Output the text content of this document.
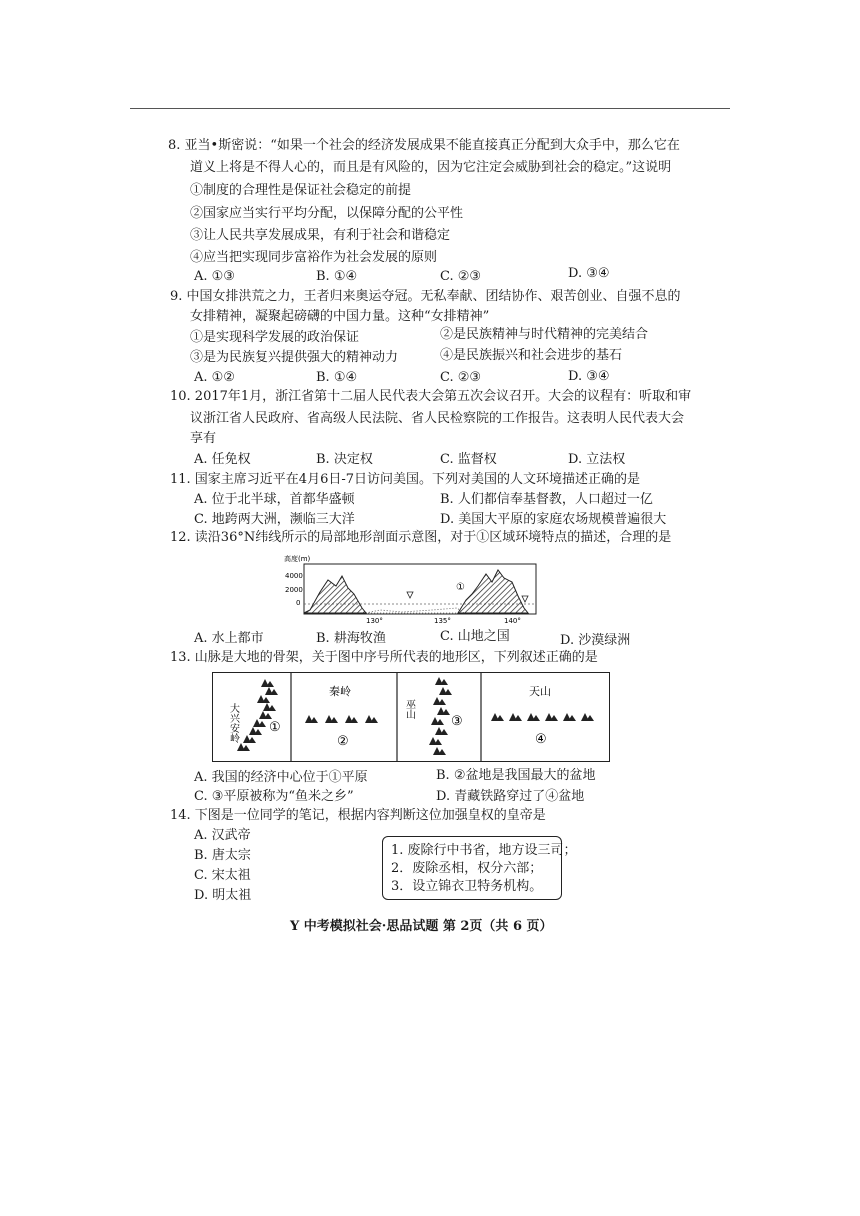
8. 亚当•斯密说：“如果一个社会的经济发展成果不能直接真正分配到大众手中，那么它在
道义上将是不得人心的，而且是有风险的，因为它注定会威胁到社会的稳定。”这说明
①制度的合理性是保证社会稳定的前提
②国家应当实行平均分配，以保障分配的公平性
③让人民共享发展成果，有利于社会和谐稳定
④应当把实现同步富裕作为社会发展的原则
A. ①③	B. ①④	C. ②③	D. ③④
9. 中国女排洪荒之力，王者归来奥运夺冠。无私奉献、团结协作、艰苦创业、自强不息的
女排精神，凝聚起磅礴的中国力量。这种“女排精神”
①是实现科学发展的政治保证	②是民族精神与时代精神的完美结合
③是为民族复兴提供强大的精神动力	④是民族振兴和社会进步的基石
A. ①②	B. ①④	C. ②③	D. ③④
10. 2017年1月，浙江省第十二届人民代表大会第五次会议召开。大会的议程有：听取和审
议浙江省人民政府、省高级人民法院、省人民检察院的工作报告。这表明人民代表大会
享有
A. 任免权	B. 决定权	C. 监督权	D. 立法权
11. 国家主席习近平在4月6日-7日访问美国。下列对美国的人文环境描述正确的是
A. 位于北半球，首都华盛顿	B. 人们都信奉基督教，人口超过一亿
C. 地跨两大洲，濒临三大洋	D. 美国大平原的家庭农场规模普遍很大
12. 读沿36°N纬线所示的局部地形剖面示意图，对于①区域环境特点的描述，合理的是
高度(m)
4000
2000
0
①
130°	135°	140°
A. 水上都市	B. 耕海牧渔	C. 山地之国	D. 沙漠绿洲
13. 山脉是大地的骨架，关于图中序号所代表的地形区，下列叙述正确的是
大兴安岭 ①
秦岭
②
巫山
③
天山
④
A. 我国的经济中心位于①平原	B. ②盆地是我国最大的盆地
C. ③平原被称为“鱼米之乡”	D. 青藏铁路穿过了④盆地
14. 下图是一位同学的笔记，根据内容判断这位加强皇权的皇帝是
A. 汉武帝
B. 唐太宗
C. 宋太祖
D. 明太祖
1. 废除行中书省，地方设三司；
2．废除丞相，权分六部；
3．设立锦衣卫特务机构。
Y 中考模拟社会·思品试题 第 2页（共 6 页）
